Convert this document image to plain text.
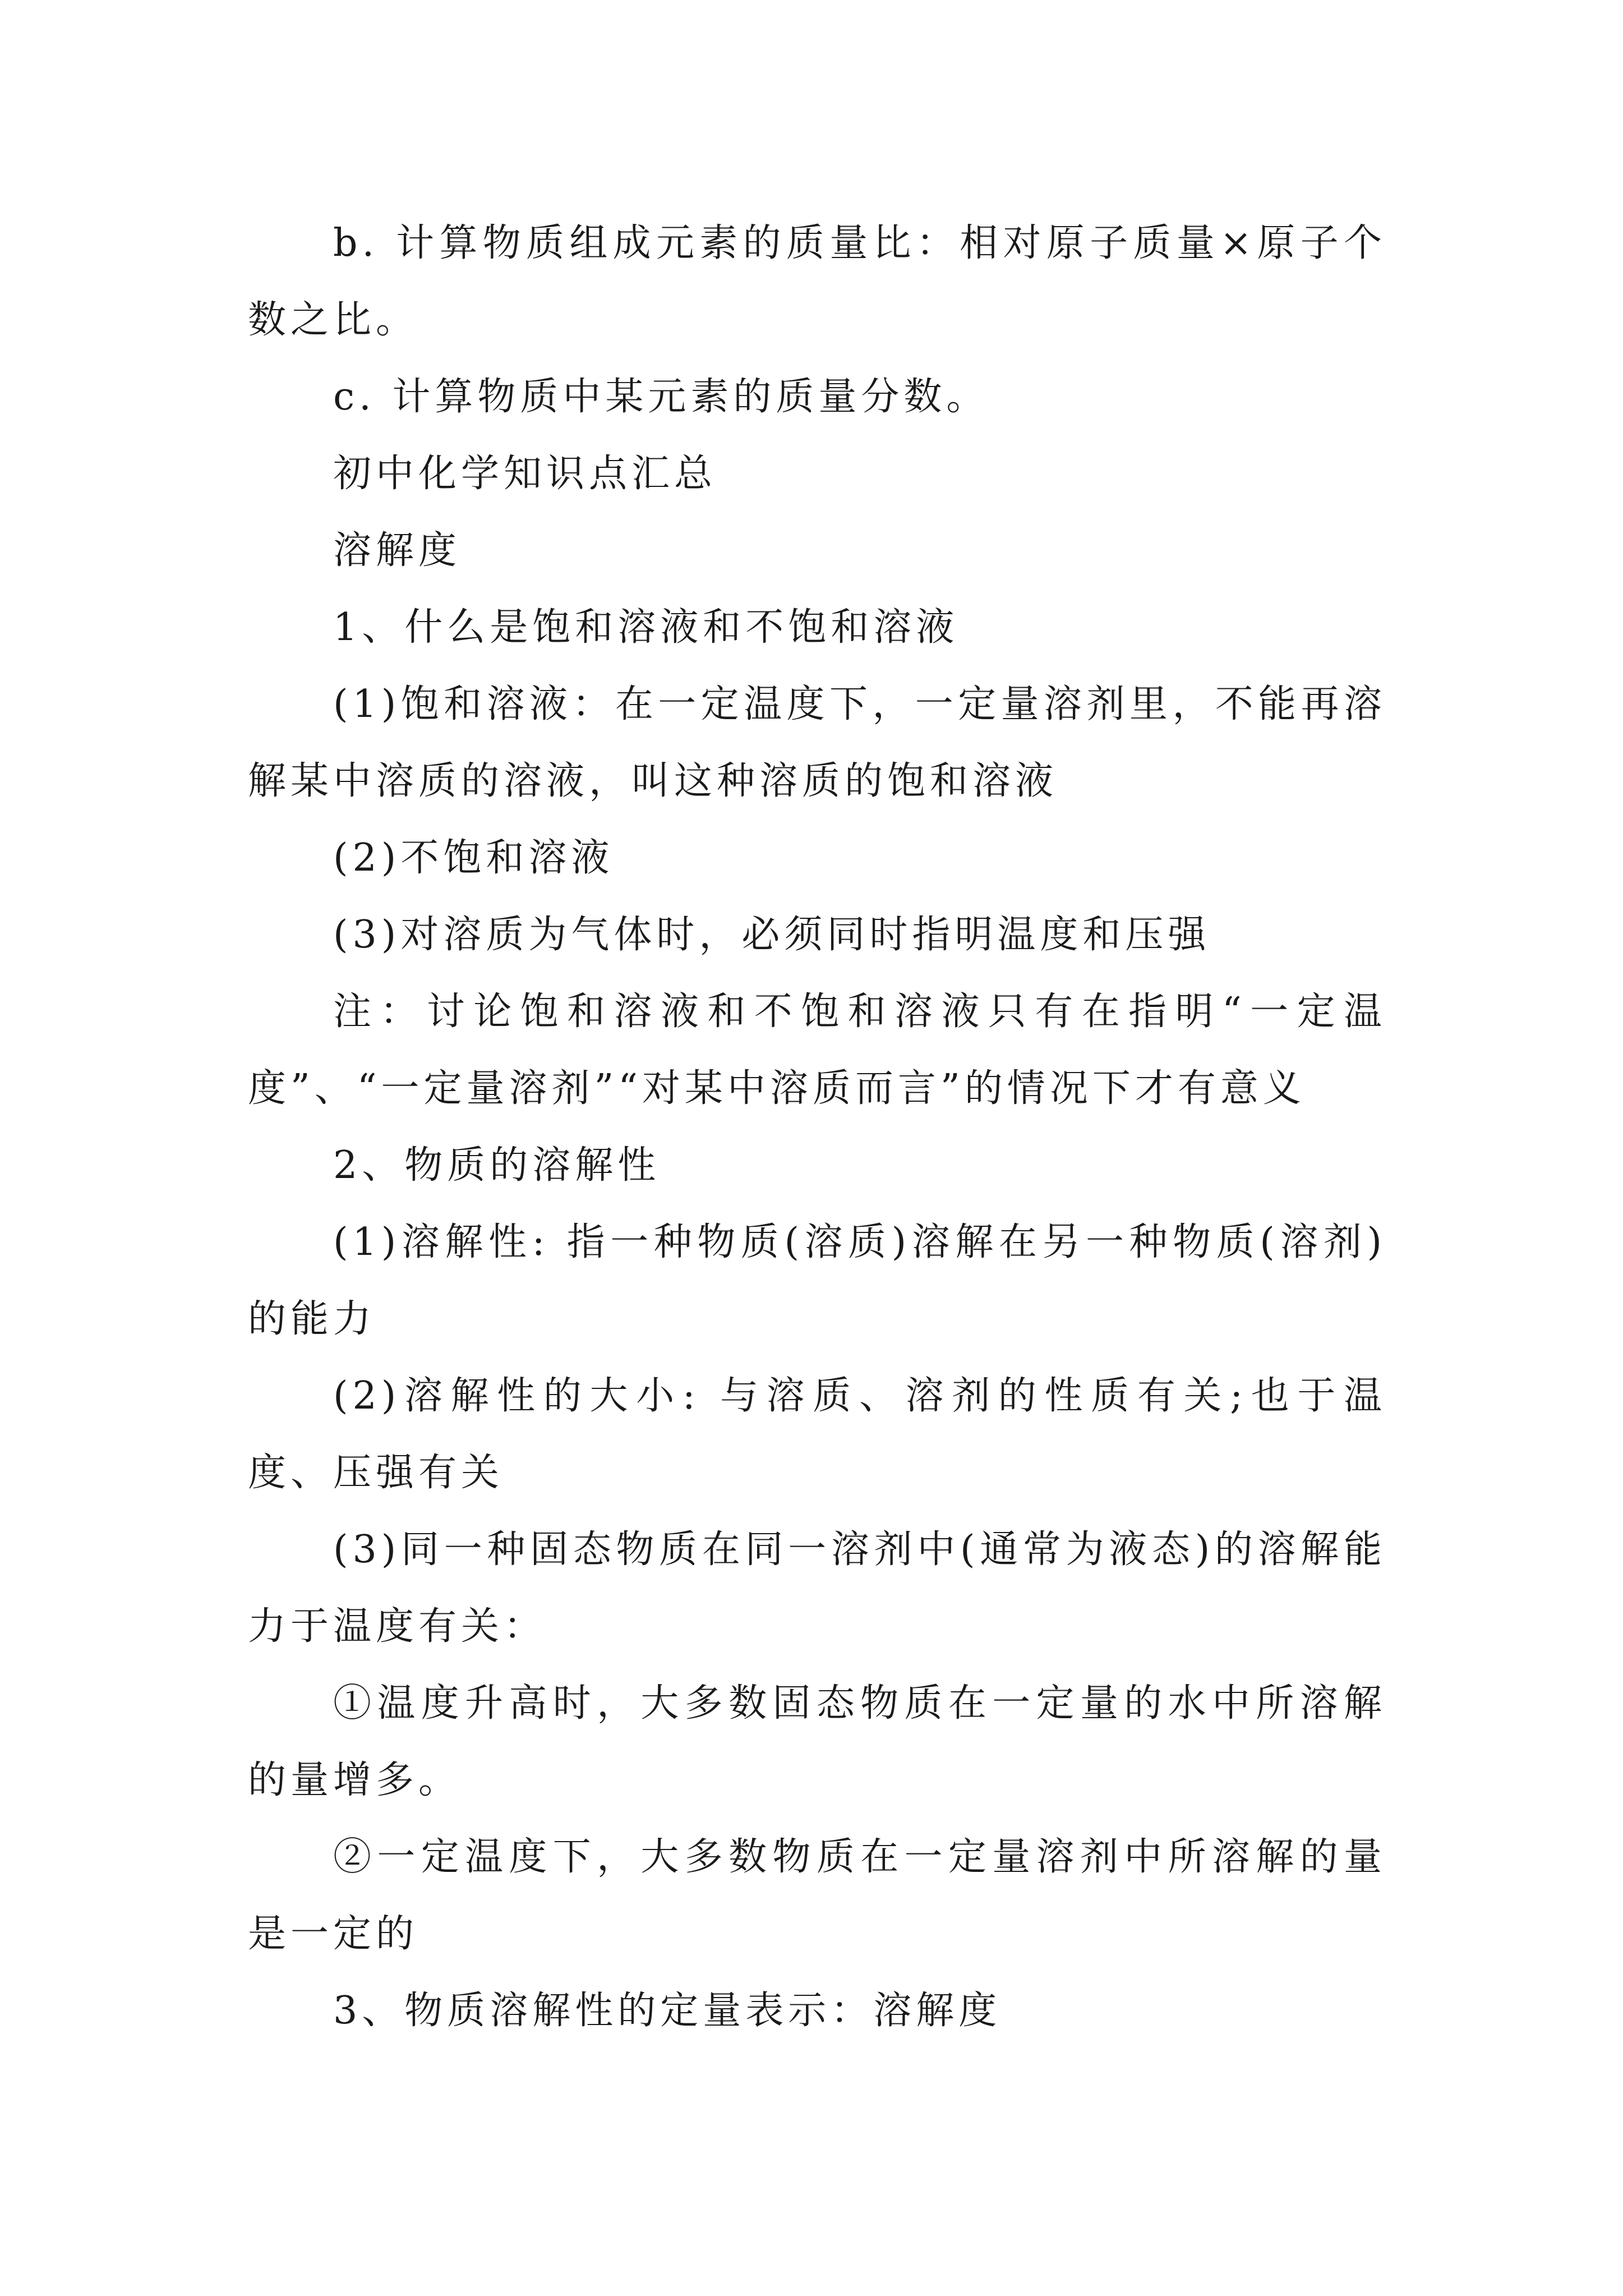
b. 计算物质组成元素的质量比：相对原子质量×原子个数之比。

c. 计算物质中某元素的质量分数。

初中化学知识点汇总

溶解度

1、什么是饱和溶液和不饱和溶液

(1)饱和溶液：在一定温度下，一定量溶剂里，不能再溶解某中溶质的溶液，叫这种溶质的饱和溶液

(2)不饱和溶液

(3)对溶质为气体时，必须同时指明温度和压强

注：讨论饱和溶液和不饱和溶液只有在指明“一定温度”、“一定量溶剂”“对某中溶质而言”的情况下才有意义

2、物质的溶解性

(1)溶解性: 指一种物质(溶质)溶解在另一种物质(溶剂)的能力

(2)溶解性的大小: 与溶质、溶剂的性质有关;也于温度、压强有关

(3)同一种固态物质在同一溶剂中(通常为液态)的溶解能力于温度有关：

①温度升高时，大多数固态物质在一定量的水中所溶解的量增多。

②一定温度下，大多数物质在一定量溶剂中所溶解的量是一定的

3、物质溶解性的定量表示：溶解度
